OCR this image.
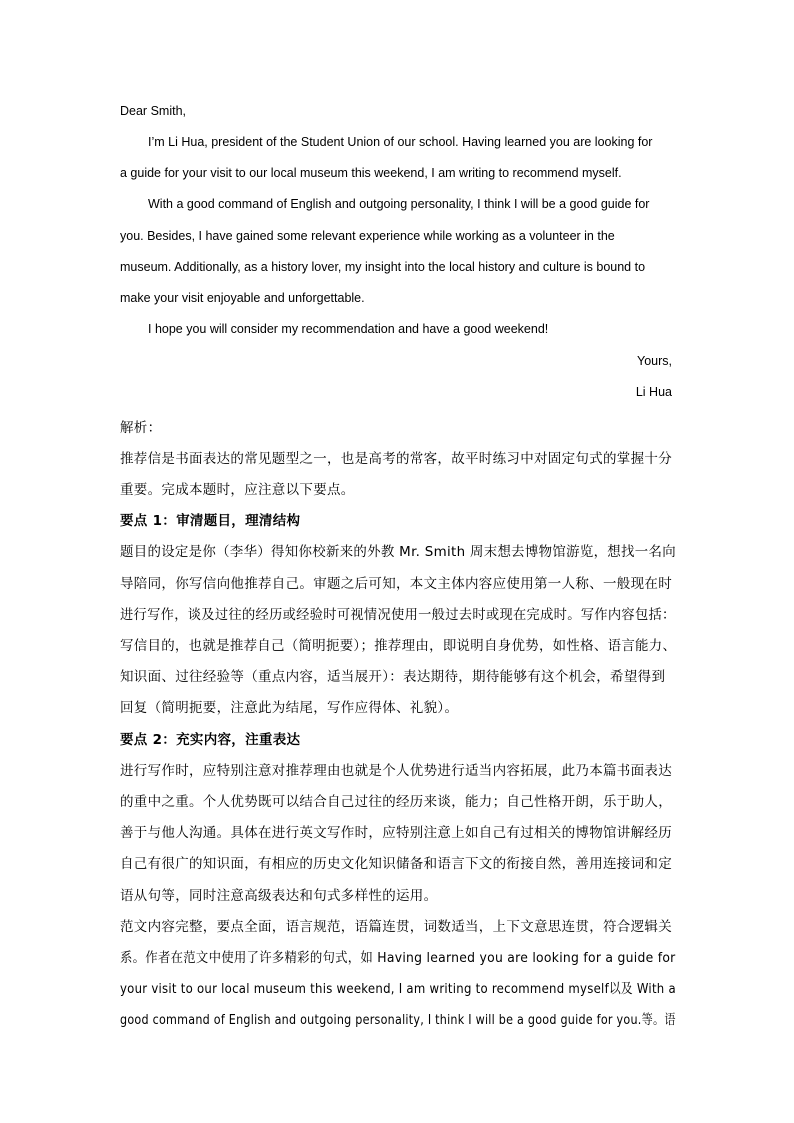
Dear Smith,
I’m Li Hua, president of the Student Union of our school. Having learned you are looking for
a guide for your visit to our local museum this weekend, I am writing to recommend myself.
With a good command of English and outgoing personality, I think I will be a good guide for
you. Besides, I have gained some relevant experience while working as a volunteer in the
museum. Additionally, as a history lover, my insight into the local history and culture is bound to
make your visit enjoyable and unforgettable.
I hope you will consider my recommendation and have a good weekend!
Yours,
Li Hua
解析：
推荐信是书面表达的常见题型之一，也是高考的常客，故平时练习中对固定句式的掌握十分
重要。完成本题时，应注意以下要点。
要点 1：审清题目，理清结构
题目的设定是你（李华）得知你校新来的外教 Mr. Smith 周末想去博物馆游览，想找一名向
导陪同，你写信向他推荐自己。审题之后可知，本文主体内容应使用第一人称、一般现在时
进行写作，谈及过往的经历或经验时可视情况使用一般过去时或现在完成时。写作内容包括：
写信目的，也就是推荐自己（简明扼要）；推荐理由，即说明自身优势，如性格、语言能力、
知识面、过往经验等（重点内容，适当展开）：表达期待，期待能够有这个机会，希望得到
回复（简明扼要，注意此为结尾，写作应得体、礼貌）。
要点 2：充实内容，注重表达
进行写作时，应特别注意对推荐理由也就是个人优势进行适当内容拓展，此乃本篇书面表达
的重中之重。个人优势既可以结合自己过往的经历来谈，能力；自己性格开朗，乐于助人，
善于与他人沟通。具体在进行英文写作时，应特别注意上如自己有过相关的博物馆讲解经历
自己有很广的知识面，有相应的历史文化知识储备和语言下文的衔接自然，善用连接词和定
语从句等，同时注意高级表达和句式多样性的运用。
范文内容完整，要点全面，语言规范，语篇连贯，词数适当，上下文意思连贯，符合逻辑关
系。作者在范文中使用了许多精彩的句式，如 Having learned you are looking for a guide for
your visit to our local museum this weekend, I am writing to recommend myself以及 With a
good command of English and outgoing personality, I think I will be a good guide for you.等。语
